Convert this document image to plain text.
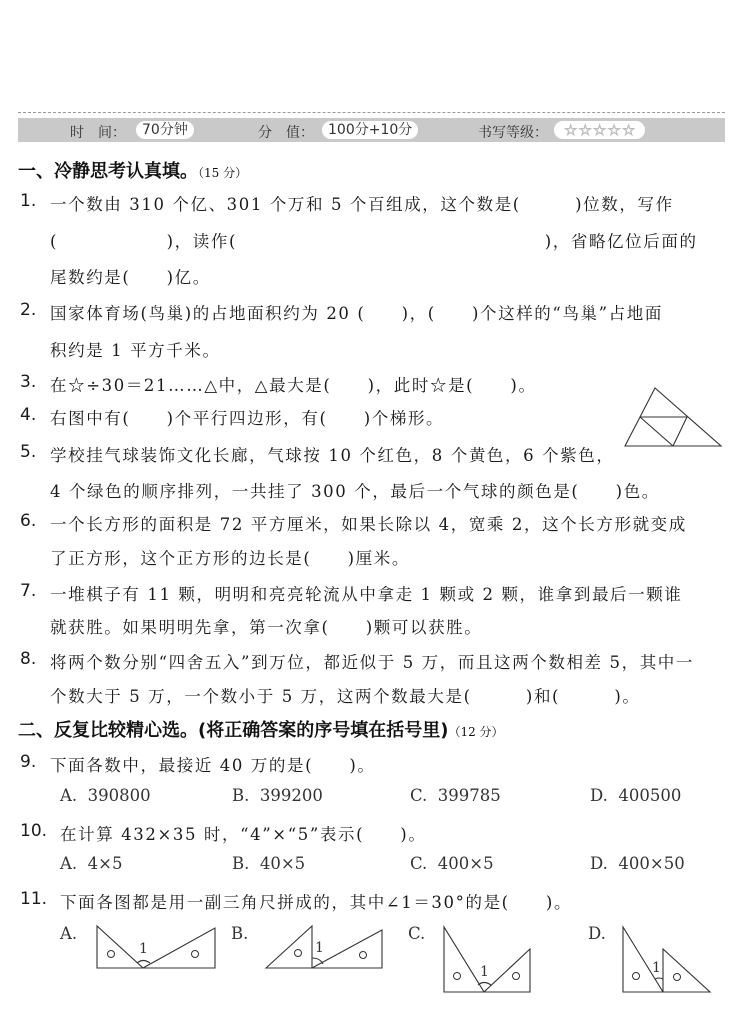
时　间：	70分钟	分　值：	100分+10分	书写等级： ☆ ☆ ☆ ☆ ☆
一、冷静思考认真填。（15 分）
1. 一个数由 310 个亿、301 个万和 5 个百组成，这个数是(　　　)位数，写作
(　　　　　　)，读作(　　　　　　　　　　　　　　　　　)，省略亿位后面的
尾数约是(　　)亿。
2. 国家体育场(鸟巢)的占地面积约为 20 (　　)，(　　)个这样的“鸟巢”占地面
积约是 1 平方千米。
3. 在☆÷30＝21……△中，△最大是(　　)，此时☆是(　　)。
4. 右图中有(　　)个平行四边形，有(　　)个梯形。
5. 学校挂气球装饰文化长廊，气球按 10 个红色，8 个黄色，6 个紫色，
4 个绿色的顺序排列，一共挂了 300 个，最后一个气球的颜色是(　　)色。
6. 一个长方形的面积是 72 平方厘米，如果长除以 4，宽乘 2，这个长方形就变成
了正方形，这个正方形的边长是(　　)厘米。
7. 一堆棋子有 11 颗，明明和亮亮轮流从中拿走 1 颗或 2 颗，谁拿到最后一颗谁
就获胜。如果明明先拿，第一次拿(　　)颗可以获胜。
8. 将两个数分别“四舍五入”到万位，都近似于 5 万，而且这两个数相差 5，其中一
个数大于 5 万，一个数小于 5 万，这两个数最大是(　　　)和(　　　)。
二、反复比较精心选。(将正确答案的序号填在括号里)（12 分）
9. 下面各数中，最接近 40 万的是(　　)。
A.  390800	B.  399200	C.  399785	D.  400500
10. 在计算 432×35 时，“4”×“5”表示(　　)。
A.  4×5	B.  40×5	C.  400×5	D.  400×50
11. 下面各图都是用一副三角尺拼成的，其中∠1＝30°的是(　　)。
A.	B.	C.	D.
1	1
1	1
